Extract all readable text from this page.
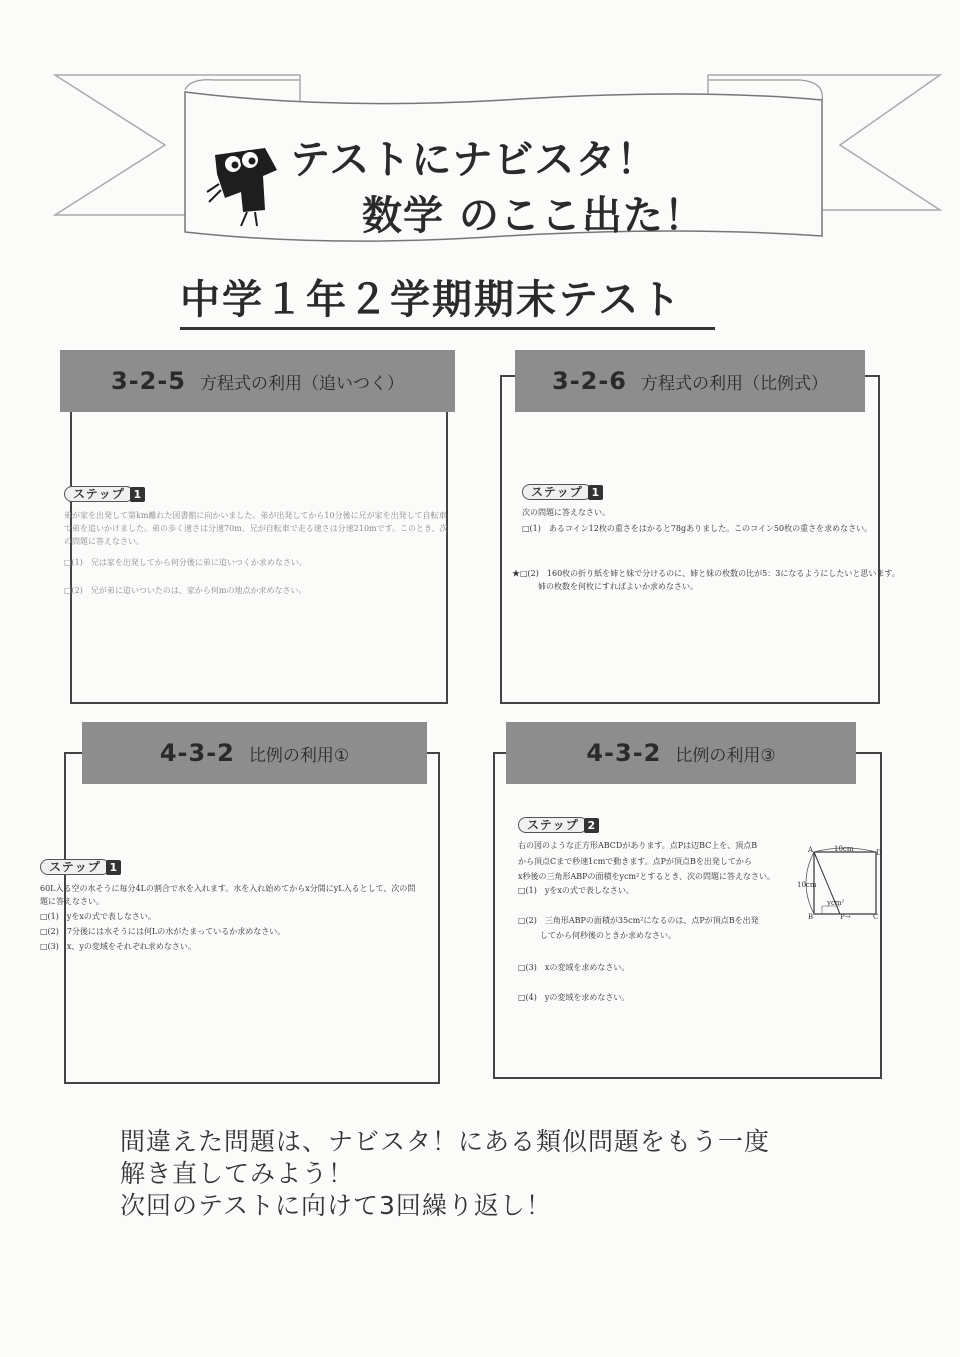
テストにナビスタ！
数学 のここ出た！
中学１年２学期期末テスト
3-2-5 方程式の利用（追いつく）
ステップ 1
弟が家を出発して第km離れた図書館に向かいました。弟が出発してから10分後に兄が家を出発して自転車
で弟を追いかけました。弟の歩く速さは分速70m、兄が自転車で走る速さは分速210mです。このとき、次
の問題に答えなさい。
□(1)　兄は家を出発してから何分後に弟に追いつくか求めなさい。
□(2)　兄が弟に追いついたのは、家から何mの地点か求めなさい。
3-2-6 方程式の利用（比例式）
ステップ 1
次の問題に答えなさい。
□(1)　あるコイン12枚の重さをはかると78gありました。このコイン50枚の重さを求めなさい。
★□(2)　160枚の折り紙を姉と妹で分けるのに、姉と妹の枚数の比が5：3になるようにしたいと思います。
姉の枚数を何枚にすればよいか求めなさい。
4-3-2 比例の利用①
ステップ 1
60L入る空の水そうに毎分4Lの割合で水を入れます。水を入れ始めてからx分間にyL入るとして、次の問
題に答えなさい。
□(1)　yをxの式で表しなさい。
□(2)　7分後には水そうには何Lの水がたまっているか求めなさい。
□(3)　x、yの変域をそれぞれ求めなさい。
4-3-2 比例の利用③
ステップ 2
右の図のような正方形ABCDがあります。点Pは辺BC上を、頂点B
から頂点Cまで秒速1cmで動きます。点Pが頂点Bを出発してから
x秒後の三角形ABPの面積をycm²とするとき、次の問題に答えなさい。
□(1)　yをxの式で表しなさい。
□(2)　三角形ABPの面積が35cm²になるのは、点Pが頂点Bを出発
してから何秒後のときか求めなさい。
□(3)　xの変域を求めなさい。
□(4)　yの変域を求めなさい。
10cm
10cm
ycm²
A	D
B	C
P→
間違えた問題は、ナビスタ！にある類似問題をもう一度
解き直してみよう！
次回のテストに向けて3回繰り返し！
